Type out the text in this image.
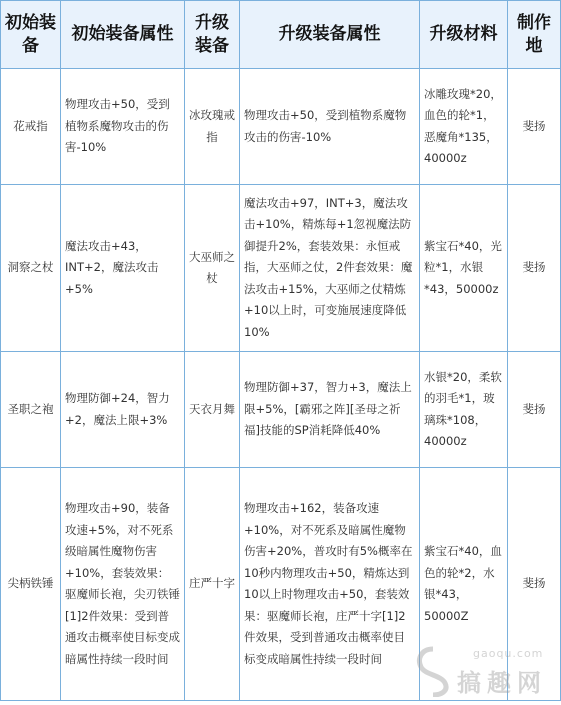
初始装备	初始装备属性	升级装备	升级装备属性	升级材料	制作地
花戒指	物理攻击+50，受到植物系魔物攻击的伤害-10%	冰玫瑰戒指	物理攻击+50，受到植物系魔物攻击的伤害-10%	冰雕玫瑰*20，血色的轮*1，恶魔角*135，40000z	斐扬
洞察之杖	魔法攻击+43，INT+2，魔法攻击+5%	大巫师之杖	魔法攻击+97，INT+3，魔法攻击+10%，精炼每+1忽视魔法防御提升2%，套装效果：永恒戒指，大巫师之仗，2件套效果：魔法攻击+15%，大巫师之仗精炼+10以上时，可变施展速度降低10%	紫宝石*40，光粒*1，水银*43，50000z	斐扬
圣职之袍	物理防御+24，智力+2，魔法上限+3%	天衣月舞	物理防御+37，智力+3，魔法上限+5%，[霸邪之阵][圣母之祈福]技能的SP消耗降低40%	水银*20，柔软的羽毛*1，玻璃珠*108，40000z	斐扬
尖柄铁锤	物理攻击+90，装备攻速+5%，对不死系级暗属性魔物伤害+10%，套装效果：驱魔师长袍，尖刃铁锤[1]2件效果：受到普通攻击概率使目标变成暗属性持续一段时间	庄严十字	物理攻击+162，装备攻速+10%，对不死系及暗属性魔物伤害+20%，普攻时有5%概率在10秒内物理攻击+50，精炼达到10以上时物理攻击+50，套装效果：驱魔师长袍，庄严十字[1]2件效果，受到普通攻击概率使目标变成暗属性持续一段时间	紫宝石*40，血色的轮*2，水银*43，50000Z	斐扬
gaoqu.com
搞趣网
